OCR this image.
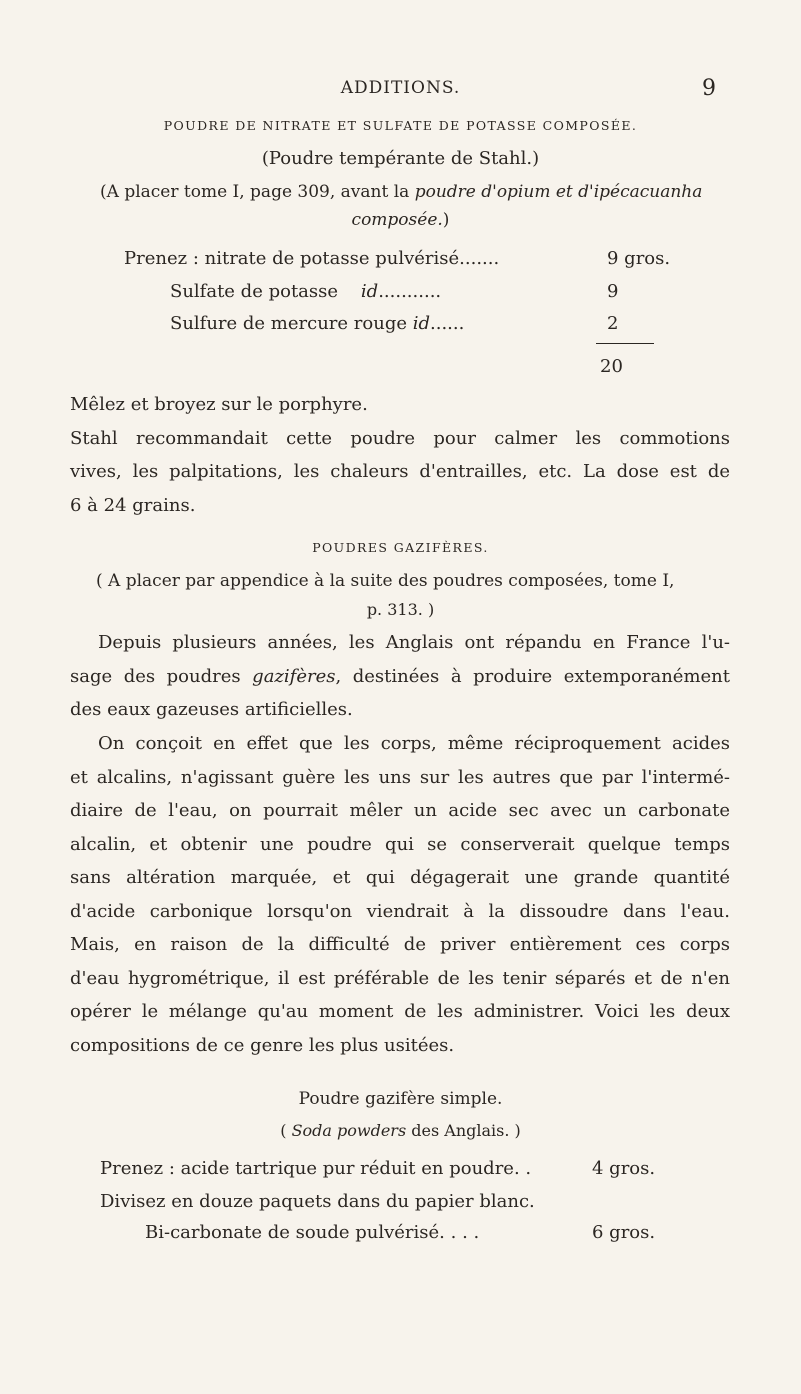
ADDITIONS.	9
POUDRE DE NITRATE ET SULFATE DE POTASSE COMPOSÉE.
(Poudre tempérante de Stahl.)
(A placer tome I, page 309, avant la poudre d'opium et d'ipécacuanha
composée.)
Prenez : nitrate de potasse pulvérisé.......	9 gros.
Sulfate de potasse id...........	9
Sulfure de mercure rouge id......	2
20
Mêlez et broyez sur le porphyre.
Stahl recommandait cette poudre pour calmer les commotions
vives, les palpitations, les chaleurs d'entrailles, etc. La dose est de
6 à 24 grains.
POUDRES GAZIFÈRES.
( A placer par appendice à la suite des poudres composées, tome I,
p. 313. )
Depuis plusieurs années, les Anglais ont répandu en France l'u-
sage des poudres gazifères, destinées à produire extemporanément
des eaux gazeuses artificielles.
On conçoit en effet que les corps, même réciproquement acides
et alcalins, n'agissant guère les uns sur les autres que par l'intermé-
diaire de l'eau, on pourrait mêler un acide sec avec un carbonate
alcalin, et obtenir une poudre qui se conserverait quelque temps
sans altération marquée, et qui dégagerait une grande quantité
d'acide carbonique lorsqu'on viendrait à la dissoudre dans l'eau.
Mais, en raison de la difficulté de priver entièrement ces corps
d'eau hygrométrique, il est préférable de les tenir séparés et de n'en
opérer le mélange qu'au moment de les administrer. Voici les deux
compositions de ce genre les plus usitées.
Poudre gazifère simple.
( Soda powders des Anglais. )
Prenez : acide tartrique pur réduit en poudre. .	4 gros.
Divisez en douze paquets dans du papier blanc.
Bi-carbonate de soude pulvérisé. . . .	6 gros.
